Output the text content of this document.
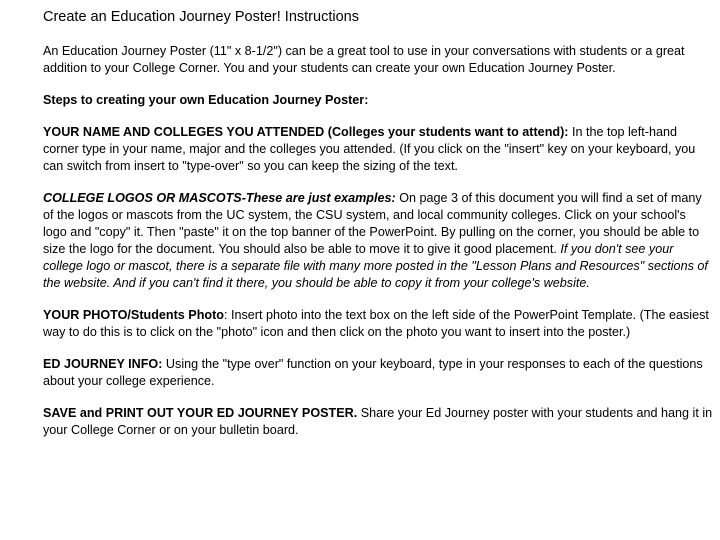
Create an Education Journey Poster! Instructions

An Education Journey Poster (11" x 8-1/2") can be a great tool to use in your conversations with students or a great addition to your College Corner. You and your students can create your own Education Journey Poster.

Steps to creating your own Education Journey Poster:

YOUR NAME AND COLLEGES YOU ATTENDED (Colleges your students want to attend): In the top left-hand corner type in your name, major and the colleges you attended. (If you click on the "insert" key on your keyboard, you can switch from insert to "type-over" so you can keep the sizing of the text.

COLLEGE LOGOS OR MASCOTS-These are just examples: On page 3 of this document you will find a set of many of the logos or mascots from the UC system, the CSU system, and local community colleges. Click on your school's logo and "copy" it. Then "paste" it on the top banner of the PowerPoint. By pulling on the corner, you should be able to size the logo for the document. You should also be able to move it to give it good placement. If you don't see your college logo or mascot, there is a separate file with many more posted in the "Lesson Plans and Resources" sections of the website. And if you can't find it there, you should be able to copy it from your college's website.

YOUR PHOTO/Students Photo: Insert photo into the text box on the left side of the PowerPoint Template. (The easiest way to do this is to click on the "photo" icon and then click on the photo you want to insert into the poster.)

ED JOURNEY INFO: Using the "type over" function on your keyboard, type in your responses to each of the questions about your college experience.

SAVE and PRINT OUT YOUR ED JOURNEY POSTER. Share your Ed Journey poster with your students and hang it in your College Corner or on your bulletin board.
